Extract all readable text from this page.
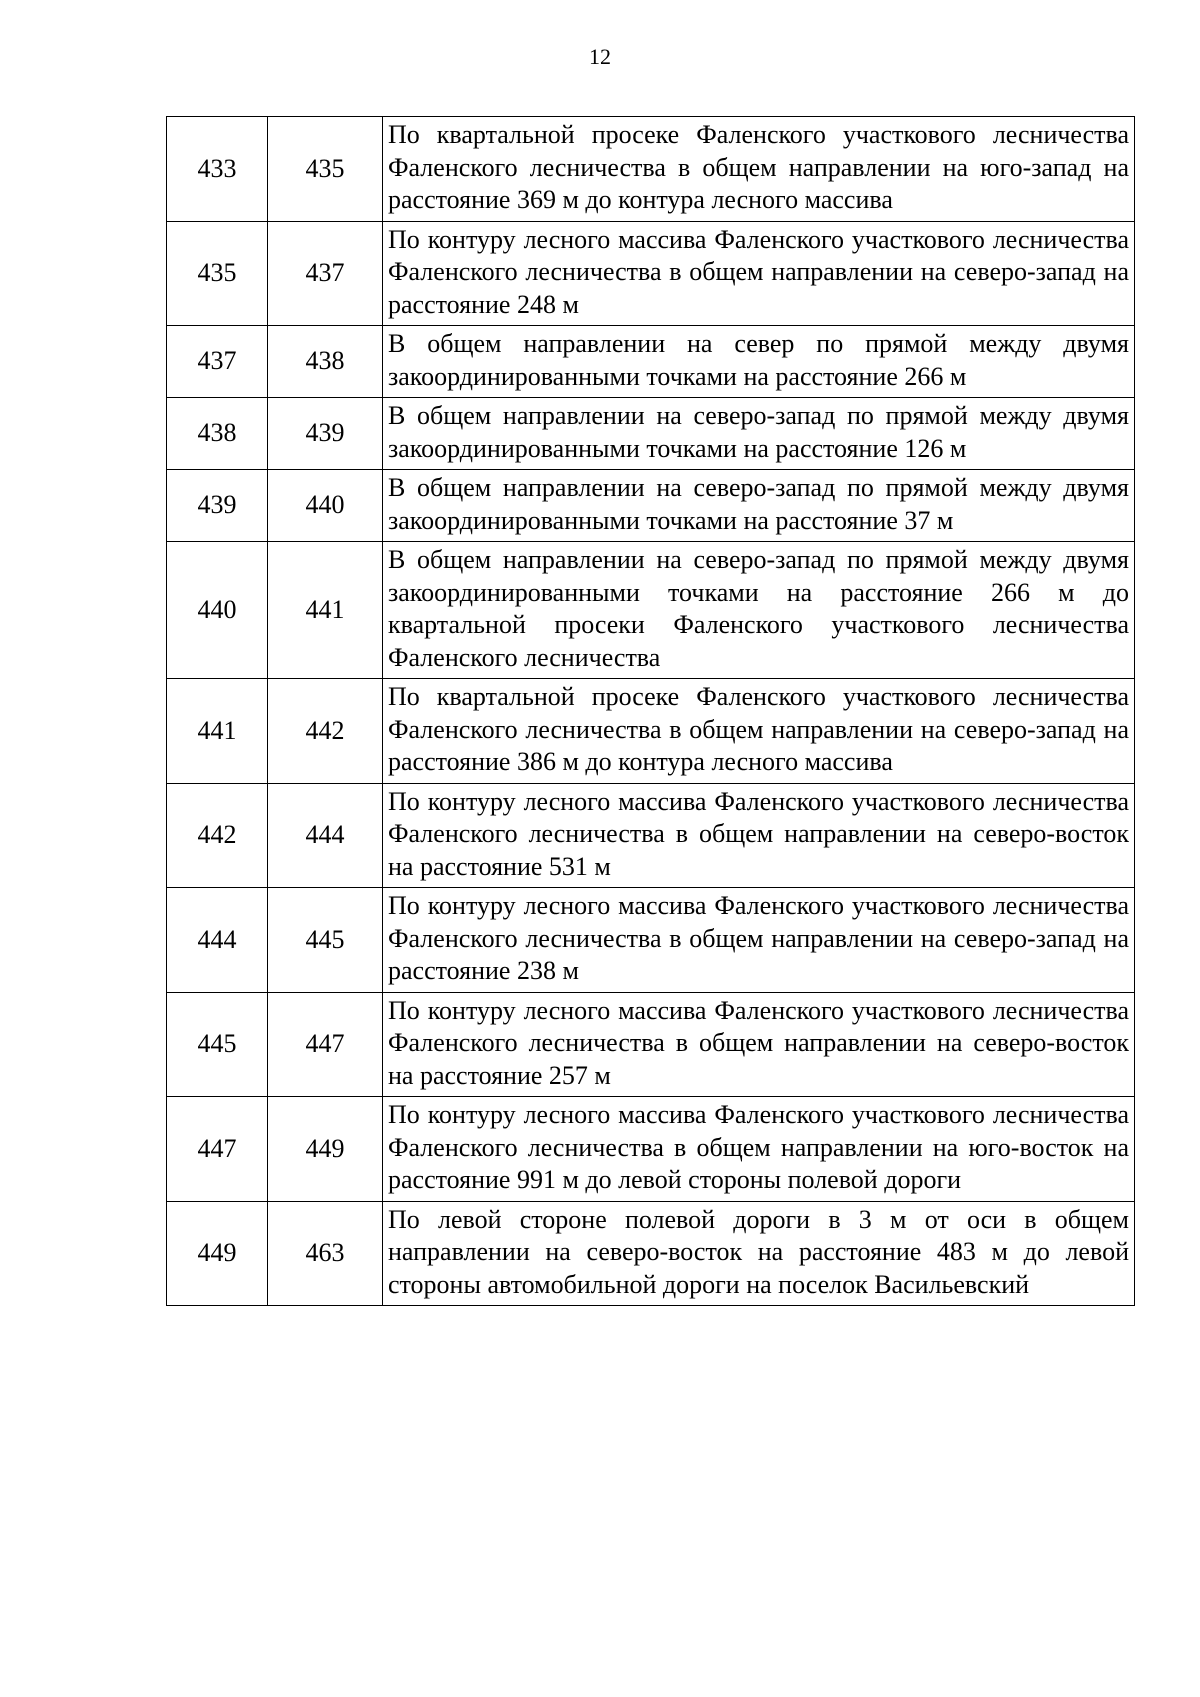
12
433	435	По квартальной просеке Фаленского участкового лесничества Фаленского лесничества в общем направлении на юго-запад на расстояние 369 м до контура лесного массива
435	437	По контуру лесного массива Фаленского участкового лесничества Фаленского лесничества в общем направлении на северо-запад на расстояние 248 м
437	438	В общем направлении на север по прямой между двумя закоординированными точками на расстояние 266 м
438	439	В общем направлении на северо-запад по прямой между двумя закоординированными точками на расстояние 126 м
439	440	В общем направлении на северо-запад по прямой между двумя закоординированными точками на расстояние 37 м
440	441	В общем направлении на северо-запад по прямой между двумя закоординированными точками на расстояние 266 м до квартальной просеки Фаленского участкового лесничества Фаленского лесничества
441	442	По квартальной просеке Фаленского участкового лесничества Фаленского лесничества в общем направлении на северо-запад на расстояние 386 м до контура лесного массива
442	444	По контуру лесного массива Фаленского участкового лесничества Фаленского лесничества в общем направлении на северо-восток на расстояние 531 м
444	445	По контуру лесного массива Фаленского участкового лесничества Фаленского лесничества в общем направлении на северо-запад на расстояние 238 м
445	447	По контуру лесного массива Фаленского участкового лесничества Фаленского лесничества в общем направлении на северо-восток на расстояние 257 м
447	449	По контуру лесного массива Фаленского участкового лесничества Фаленского лесничества в общем направлении на юго-восток на расстояние 991 м до левой стороны полевой дороги
449	463	По левой стороне полевой дороги в 3 м от оси в общем направлении на северо-восток на расстояние 483 м до левой стороны автомобильной дороги на поселок Васильевский
